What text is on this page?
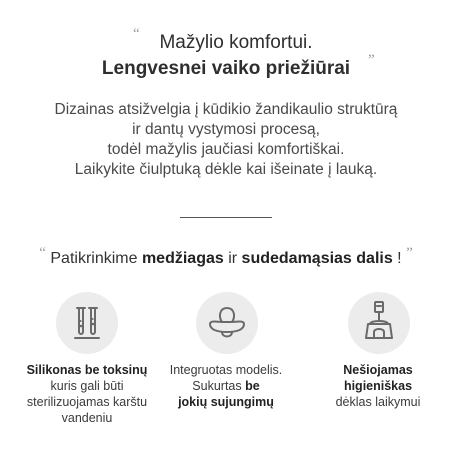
“	Mažylio komfortui.
Lengvesnei vaiko priežiūrai	”
Dizainas atsižvelgia į kūdikio žandikaulio struktūrą
ir dantų vystymosi procesą,
todėl mažylis jaučiasi komfortiškai.
Laikykite čiulptuką dėkle kai išeinate į lauką.
“ Patikrinkime medžiagas ir sudedamąsias dalis ! ”
Silikonas be toksinų
kuris gali būti
sterilizuojamas karštu
vandeniu
Integruotas modelis.
Sukurtas be
jokių sujungimų
Nešiojamas
higieniškas
dėklas laikymui
